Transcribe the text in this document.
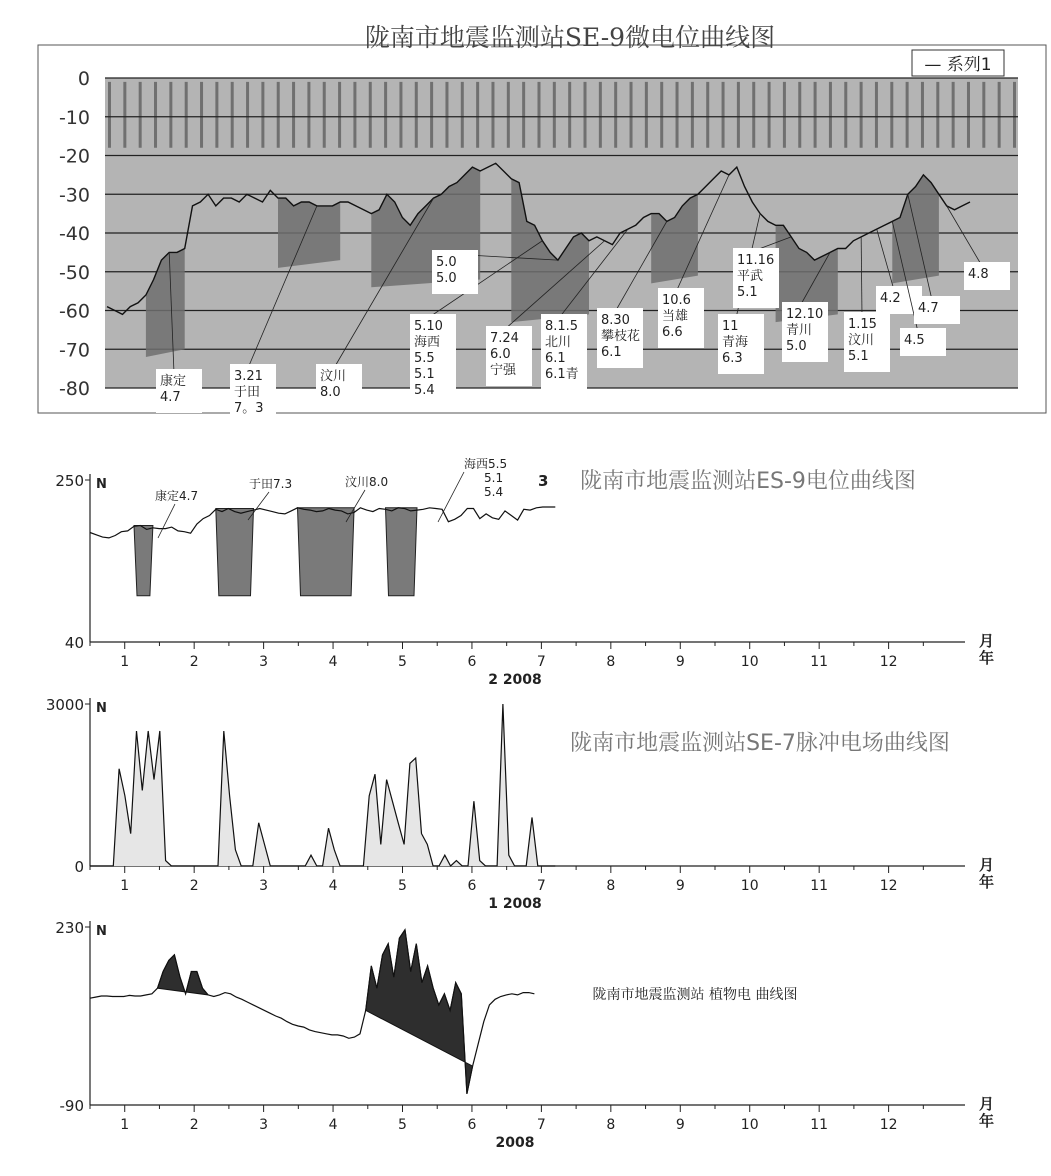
0
-10
-20
-30
-40
-50
-60
-70
-80
陇南市地震监测站SE-9微电位曲线图
— 系列1
康定
4.7
3.21
于田
7。3
汶川
8.0
5.10
海西
5.5
5.1
5.4
5.0
5.0
7.24
6.0
宁强
8.1.5
北川
6.1
6.1青
8.30
攀枝花
6.1
10.6
当雄
6.6	11
青海
6.3
11.16
平武
5.1
12.10
青川
5.0
1.15
汶川
5.1
4.2
4.5
4.7
4.8
250
40
N
1	2	3	4	5	6	7	8	9	10	11	12
月
年
2 2008
陇南市地震监测站ES-9电位曲线图
3
康定4.7
于田7.3	汶川8.0
海西5.5
5.1
5.4
3000
0
N
1	2	3	4	5	6	7	8	9	10	11	12
月
年
1 2008
陇南市地震监测站SE-7脉冲电场曲线图
230
-90
N
1	2	3	4	5	6	7	8	9	10	11	12
月
年
2008
陇南市地震监测站 植物电 曲线图
